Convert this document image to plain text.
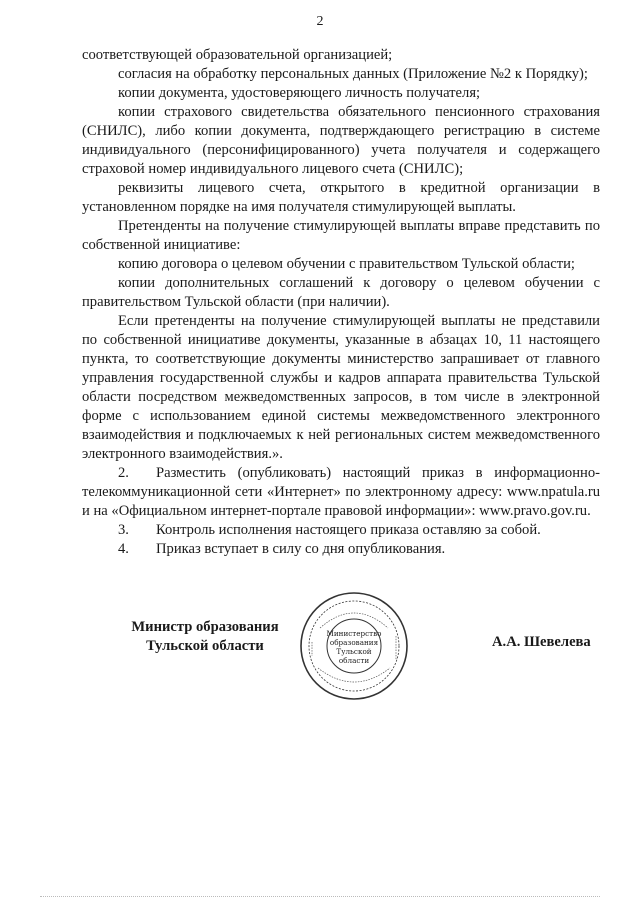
2

соответствующей образовательной организацией;

согласия на обработку персональных данных (Приложение №2 к Порядку);

копии документа, удостоверяющего личность получателя;

копии страхового свидетельства обязательного пенсионного страхования (СНИЛС), либо копии документа, подтверждающего регистрацию в системе индивидуального (персонифицированного) учета получателя и содержащего страховой номер индивидуального лицевого счета (СНИЛС);

реквизиты лицевого счета, открытого в кредитной организации в установленном порядке на имя получателя стимулирующей выплаты.

Претенденты на получение стимулирующей выплаты вправе представить по собственной инициативе:

копию договора о целевом обучении с правительством Тульской области;

копии дополнительных соглашений к договору о целевом обучении с правительством Тульской области (при наличии).

Если претенденты на получение стимулирующей выплаты не представили по собственной инициативе документы, указанные в абзацах 10, 11 настоящего пункта, то соответствующие документы министерство запрашивает от главного управления государственной службы и кадров аппарата правительства Тульской области посредством межведомственных запросов, в том числе в электронной форме с использованием единой системы межведомственного электронного взаимодействия и подключаемых к ней региональных систем межведомственного электронного взаимодействия.».

2. Разместить (опубликовать) настоящий приказ в информационно-телекоммуникационной сети «Интернет» по электронному адресу: www.npatula.ru и на «Официальном интернет-портале правовой информации»: www.pravo.gov.ru.

3. Контроль исполнения настоящего приказа оставляю за собой.

4. Приказ вступает в силу со дня опубликования.

Министр образования
Тульской области
Министерство
образования
Тульской
области
А.А. Шевелева
